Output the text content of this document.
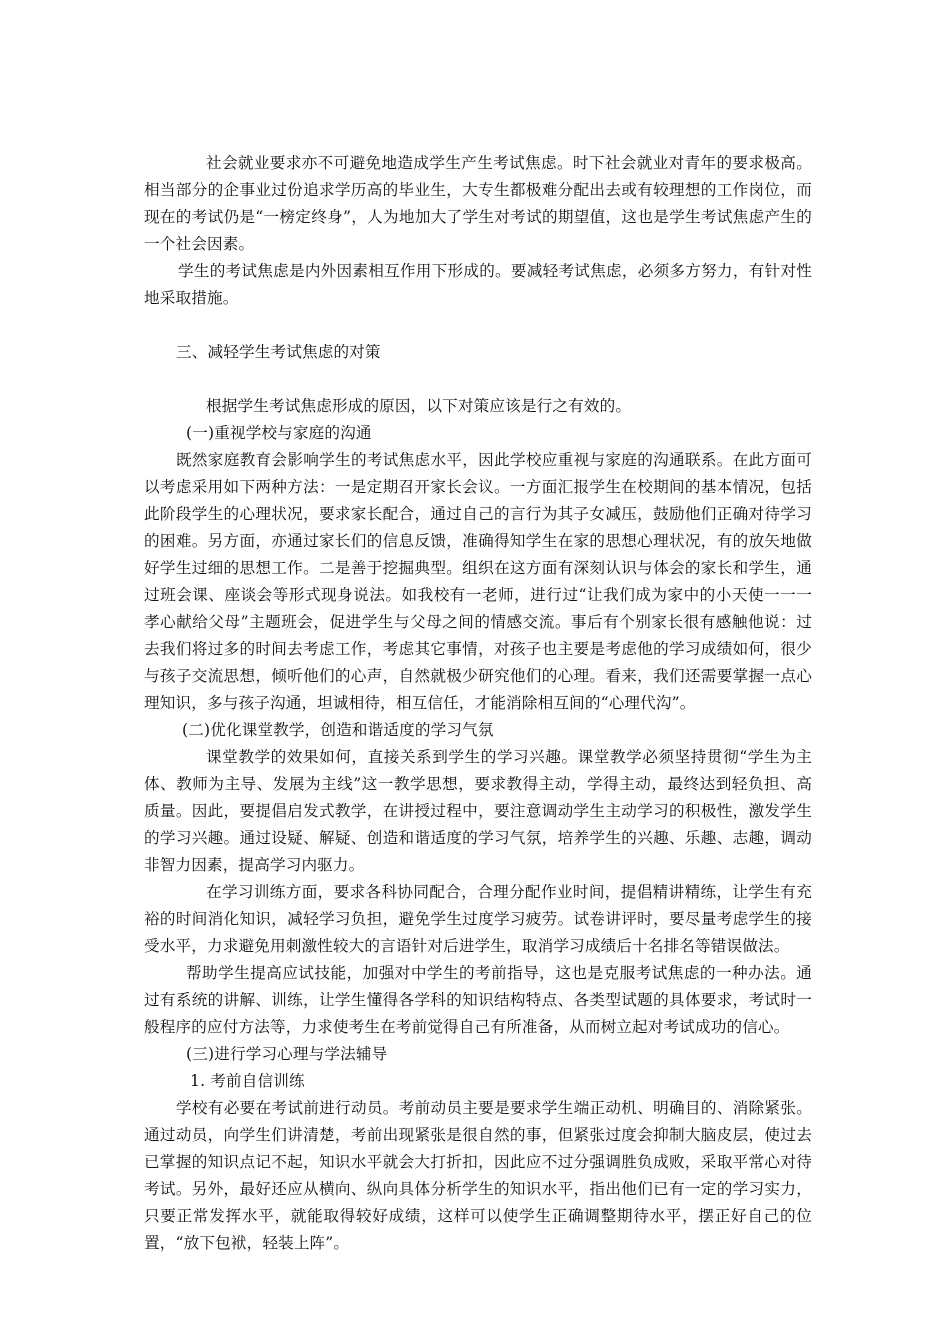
社会就业要求亦不可避免地造成学生产生考试焦虑。时下社会就业对青年的要求极高。相当部分的企事业过份追求学历高的毕业生，大专生都极难分配出去或有较理想的工作岗位，而现在的考试仍是“一榜定终身”，人为地加大了学生对考试的期望值，这也是学生考试焦虑产生的一个社会因素。

学生的考试焦虑是内外因素相互作用下形成的。要减轻考试焦虑，必须多方努力，有针对性地采取措施。

三、减轻学生考试焦虑的对策

根据学生考试焦虑形成的原因，以下对策应该是行之有效的。

(一)重视学校与家庭的沟通

既然家庭教育会影响学生的考试焦虑水平，因此学校应重视与家庭的沟通联系。在此方面可以考虑采用如下两种方法：一是定期召开家长会议。一方面汇报学生在校期间的基本情况，包括此阶段学生的心理状况，要求家长配合，通过自己的言行为其子女减压，鼓励他们正确对待学习的困难。另方面，亦通过家长们的信息反馈，准确得知学生在家的思想心理状况，有的放矢地做好学生过细的思想工作。二是善于挖掘典型。组织在这方面有深刻认识与体会的家长和学生，通过班会课、座谈会等形式现身说法。如我校有一老师，进行过“让我们成为家中的小天使一一一孝心献给父母”主题班会，促进学生与父母之间的情感交流。事后有个别家长很有感触他说：过去我们将过多的时间去考虑工作，考虑其它事情，对孩子也主要是考虑他的学习成绩如何，很少与孩子交流思想，倾听他们的心声，自然就极少研究他们的心理。看来，我们还需要掌握一点心理知识，多与孩子沟通，坦诚相待，相互信任，才能消除相互间的“心理代沟”。

(二)优化课堂教学，创造和谐适度的学习气氛

课堂教学的效果如何，直接关系到学生的学习兴趣。课堂教学必须坚持贯彻“学生为主体、教师为主导、发展为主线”这一教学思想，要求教得主动，学得主动，最终达到轻负担、高质量。因此，要提倡启发式教学，在讲授过程中，要注意调动学生主动学习的积极性，激发学生的学习兴趣。通过设疑、解疑、创造和谐适度的学习气氛，培养学生的兴趣、乐趣、志趣，调动非智力因素，提高学习内驱力。

在学习训练方面，要求各科协同配合，合理分配作业时间，提倡精讲精练，让学生有充裕的时间消化知识，减轻学习负担，避免学生过度学习疲劳。试卷讲评时，要尽量考虑学生的接受水平，力求避免用刺激性较大的言语针对后进学生，取消学习成绩后十名排名等错误做法。

帮助学生提高应试技能，加强对中学生的考前指导，这也是克服考试焦虑的一种办法。通过有系统的讲解、训练，让学生懂得各学科的知识结构特点、各类型试题的具体要求，考试时一般程序的应付方法等，力求使考生在考前觉得自己有所准备，从而树立起对考试成功的信心。

(三)进行学习心理与学法辅导

1. 考前自信训练

学校有必要在考试前进行动员。考前动员主要是要求学生端正动机、明确目的、消除紧张。通过动员，向学生们讲清楚，考前出现紧张是很自然的事，但紧张过度会抑制大脑皮层，使过去已掌握的知识点记不起，知识水平就会大打折扣，因此应不过分强调胜负成败，采取平常心对待考试。另外，最好还应从横向、纵向具体分析学生的知识水平，指出他们已有一定的学习实力，只要正常发挥水平，就能取得较好成绩，这样可以使学生正确调整期待水平，摆正好自己的位置，“放下包袱，轻装上阵”。
